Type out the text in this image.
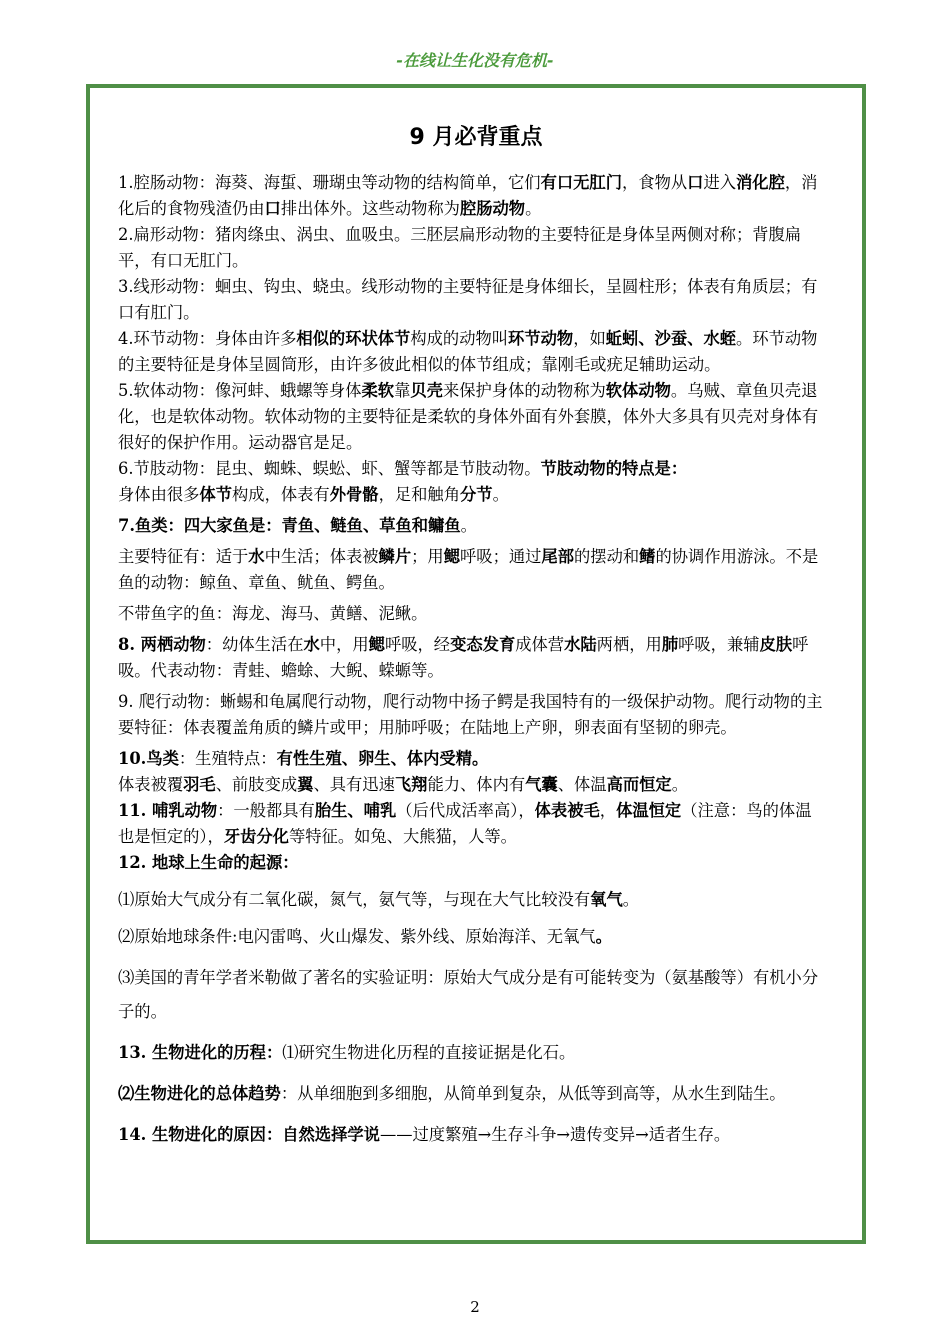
-在线让生化没有危机-
9 月必背重点

1.腔肠动物：海葵、海蜇、珊瑚虫等动物的结构简单，它们有口无肛门，食物从口进入消化腔，消化后的食物残渣仍由口排出体外。这些动物称为腔肠动物。

2.扁形动物：猪肉绦虫、涡虫、血吸虫。三胚层扁形动物的主要特征是身体呈两侧对称；背腹扁平，有口无肛门。

3.线形动物：蛔虫、钩虫、蛲虫。线形动物的主要特征是身体细长，呈圆柱形；体表有角质层；有口有肛门。

4.环节动物：身体由许多相似的环状体节构成的动物叫环节动物，如蚯蚓、沙蚕、水蛭。环节动物的主要特征是身体呈圆筒形，由许多彼此相似的体节组成；靠刚毛或疣足辅助运动。

5.软体动物：像河蚌、蛾螺等身体柔软靠贝壳来保护身体的动物称为软体动物。乌贼、章鱼贝壳退化，也是软体动物。软体动物的主要特征是柔软的身体外面有外套膜，体外大多具有贝壳对身体有很好的保护作用。运动器官是足。

6.节肢动物：昆虫、蜘蛛、蜈蚣、虾、蟹等都是节肢动物。节肢动物的特点是：
身体由很多体节构成，体表有外骨骼，足和触角分节。

7.鱼类：四大家鱼是：青鱼、鲢鱼、草鱼和鳙鱼。

主要特征有：适于水中生活；体表被鳞片；用鳃呼吸；通过尾部的摆动和鳍的协调作用游泳。不是鱼的动物：鲸鱼、章鱼、鱿鱼、鳄鱼。

不带鱼字的鱼：海龙、海马、黄鳝、泥鳅。

8. 两栖动物：幼体生活在水中，用鳃呼吸，经变态发育成体营水陆两栖，用肺呼吸，兼辅皮肤呼吸。代表动物：青蛙、蟾蜍、大鲵、蝾螈等。

9. 爬行动物：蜥蜴和龟属爬行动物，爬行动物中扬子鳄是我国特有的一级保护动物。爬行动物的主要特征：体表覆盖角质的鳞片或甲；用肺呼吸；在陆地上产卵，卵表面有坚韧的卵壳。

10.鸟类：生殖特点：有性生殖、卵生、体内受精。

体表被覆羽毛、前肢变成翼、具有迅速飞翔能力、体内有气囊、体温高而恒定。

11. 哺乳动物：一般都具有胎生、哺乳（后代成活率高），体表被毛，体温恒定（注意：鸟的体温也是恒定的），牙齿分化等特征。如兔、大熊猫，人等。

12. 地球上生命的起源：

⑴原始大气成分有二氧化碳，氮气，氨气等，与现在大气比较没有氧气。

⑵原始地球条件:电闪雷鸣、火山爆发、紫外线、原始海洋、无氧气。

⑶美国的青年学者米勒做了著名的实验证明：原始大气成分是有可能转变为（氨基酸等）有机小分子的。

13. 生物进化的历程：⑴研究生物进化历程的直接证据是化石。

⑵生物进化的总体趋势：从单细胞到多细胞，从简单到复杂，从低等到高等，从水生到陆生。

14. 生物进化的原因：自然选择学说——过度繁殖→生存斗争→遗传变异→适者生存。

2
